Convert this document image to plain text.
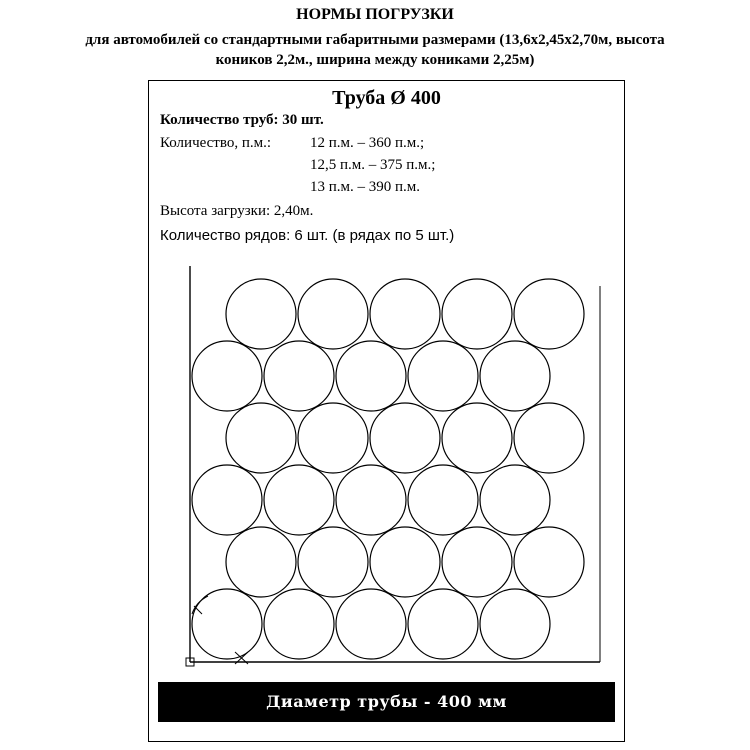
НОРМЫ ПОГРУЗКИ
для автомобилей со стандартными габаритными размерами (13,6х2,45х2,70м, высота
коников 2,2м., ширина между кониками 2,25м)
Труба Ø 400
Количество труб: 30 шт.
Количество, п.м.:	12 п.м. – 360 п.м.;
12,5 п.м. – 375 п.м.;
13 п.м. – 390 п.м.
Высота загрузки: 2,40м.
Количество рядов: 6 шт. (в рядах по 5 шт.)
Диаметр трубы - 400 мм
